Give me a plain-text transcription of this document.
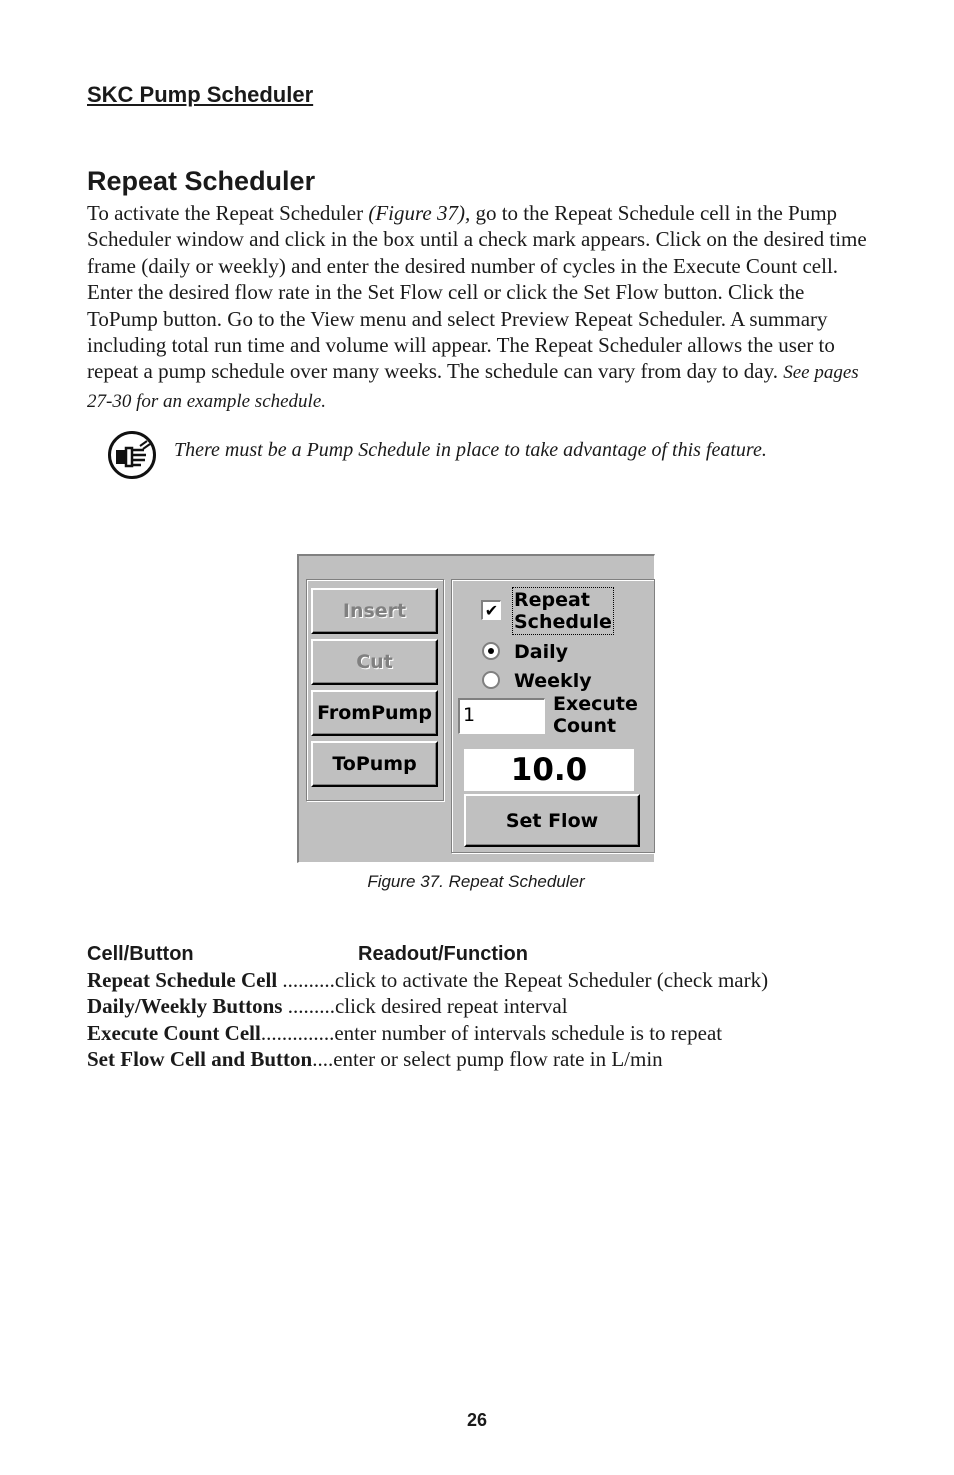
SKC Pump Scheduler
Repeat Scheduler

To activate the Repeat Scheduler (Figure 37), go to the Repeat Schedule cell in the Pump Scheduler window and click in the box until a check mark appears. Click on the desired time frame (daily or weekly) and enter the desired number of cycles in the Execute Count cell. Enter the desired flow rate in the Set Flow cell or click the Set Flow button. Click the ToPump button. Go to the View menu and select Preview Repeat Scheduler. A summary including total run time and volume will appear. The Repeat Scheduler allows the user to repeat a pump schedule over many weeks. The schedule can vary from day to day. See pages 27-30 for an example schedule.

There must be a Pump Schedule in place to take advantage of this feature.
Insert
Cut
FromPump
ToPump
✔ Repeat
Schedule
Daily
Weekly
1	Execute
Count
10.0
Set Flow
Figure 37. Repeat Scheduler
Cell/Button	Readout/Function
Repeat Schedule Cell ..........click to activate the Repeat Scheduler (check mark)
Daily/Weekly Buttons .........click desired repeat interval
Execute Count Cell..............enter number of intervals schedule is to repeat
Set Flow Cell and Button....enter or select pump flow rate in L/min
26
